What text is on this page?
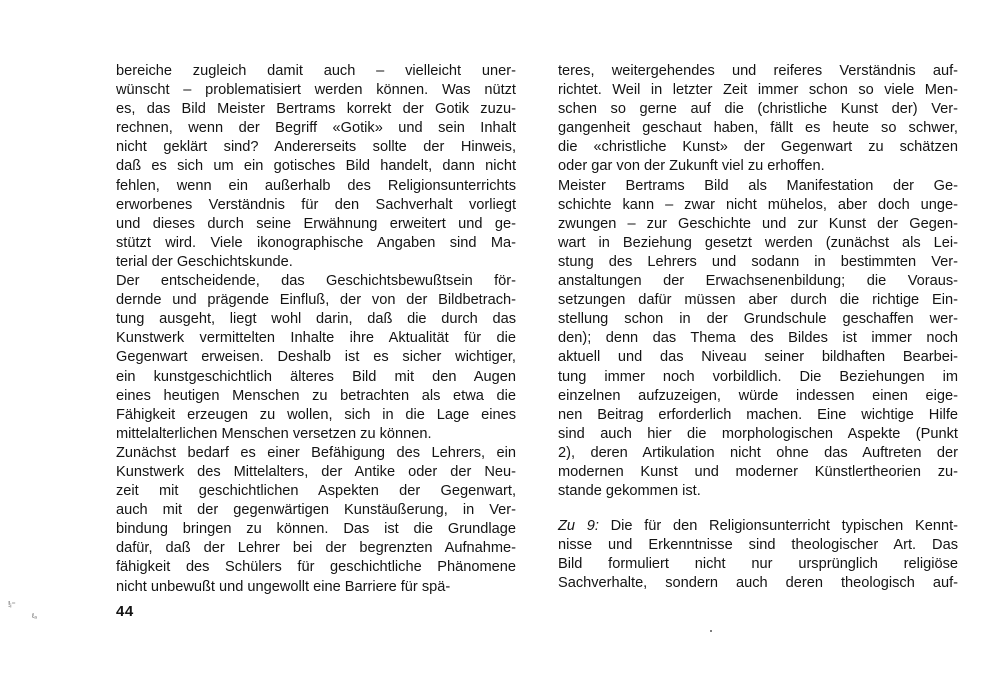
bereiche zugleich damit auch – vielleicht uner-
wünscht – problematisiert werden können. Was nützt
es, das Bild Meister Bertrams korrekt der Gotik zuzu-
rechnen, wenn der Begriff «Gotik» und sein Inhalt
nicht geklärt sind? Andererseits sollte der Hinweis,
daß es sich um ein gotisches Bild handelt, dann nicht
fehlen, wenn ein außerhalb des Religionsunterrichts
erworbenes Verständnis für den Sachverhalt vorliegt
und dieses durch seine Erwähnung erweitert und ge-
stützt wird. Viele ikonographische Angaben sind Ma-
terial der Geschichtskunde.
Der entscheidende, das Geschichtsbewußtsein för-
dernde und prägende Einfluß, der von der Bildbetrach-
tung ausgeht, liegt wohl darin, daß die durch das
Kunstwerk vermittelten Inhalte ihre Aktualität für die
Gegenwart erweisen. Deshalb ist es sicher wichtiger,
ein kunstgeschichtlich älteres Bild mit den Augen
eines heutigen Menschen zu betrachten als etwa die
Fähigkeit erzeugen zu wollen, sich in die Lage eines
mittelalterlichen Menschen versetzen zu können.
Zunächst bedarf es einer Befähigung des Lehrers, ein
Kunstwerk des Mittelalters, der Antike oder der Neu-
zeit mit geschichtlichen Aspekten der Gegenwart,
auch mit der gegenwärtigen Kunstäußerung, in Ver-
bindung bringen zu können. Das ist die Grundlage
dafür, daß der Lehrer bei der begrenzten Aufnahme-
fähigkeit des Schülers für geschichtliche Phänomene
nicht unbewußt und ungewollt eine Barriere für spä-
teres, weitergehendes und reiferes Verständnis auf-
richtet. Weil in letzter Zeit immer schon so viele Men-
schen so gerne auf die (christliche Kunst der) Ver-
gangenheit geschaut haben, fällt es heute so schwer,
die «christliche Kunst» der Gegenwart zu schätzen
oder gar von der Zukunft viel zu erhoffen.
Meister Bertrams Bild als Manifestation der Ge-
schichte kann – zwar nicht mühelos, aber doch unge-
zwungen – zur Geschichte und zur Kunst der Gegen-
wart in Beziehung gesetzt werden (zunächst als Lei-
stung des Lehrers und sodann in bestimmten Ver-
anstaltungen der Erwachsenenbildung; die Voraus-
setzungen dafür müssen aber durch die richtige Ein-
stellung schon in der Grundschule geschaffen wer-
den); denn das Thema des Bildes ist immer noch
aktuell und das Niveau seiner bildhaften Bearbei-
tung immer noch vorbildlich. Die Beziehungen im
einzelnen aufzuzeigen, würde indessen einen eige-
nen Beitrag erforderlich machen. Eine wichtige Hilfe
sind auch hier die morphologischen Aspekte (Punkt
2), deren Artikulation nicht ohne das Auftreten der
modernen Kunst und moderner Künstlertheorien zu-
stande gekommen ist.
Zu 9: Die für den Religionsunterricht typischen Kennt-
nisse und Erkenntnisse sind theologischer Art. Das
Bild formuliert nicht nur ursprünglich religiöse
Sachverhalte, sondern auch deren theologisch auf-
44
ǃᵢ⁼
ℓₐ
